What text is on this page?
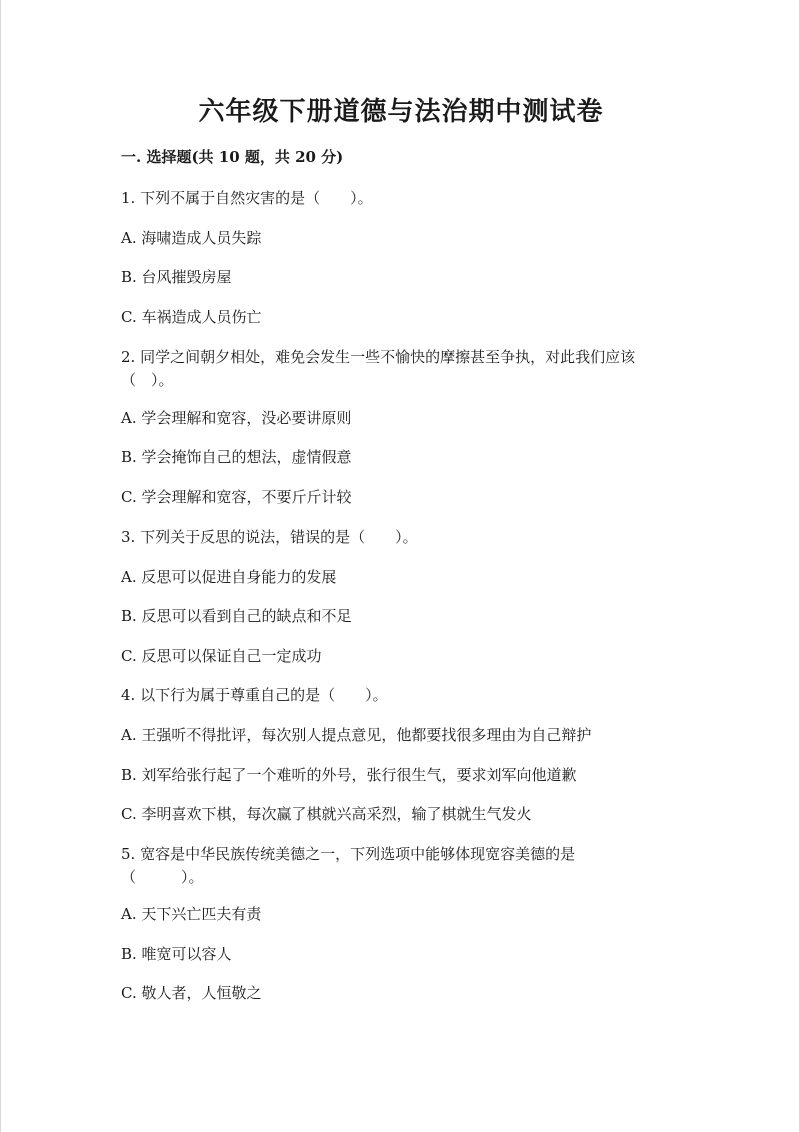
六年级下册道德与法治期中测试卷
一. 选择题(共 10 题，共 20 分)

1. 下列不属于自然灾害的是（　　）。

A. 海啸造成人员失踪

B. 台风摧毁房屋

C. 车祸造成人员伤亡

2. 同学之间朝夕相处，难免会发生一些不愉快的摩擦甚至争执，对此我们应该

（　）。

A. 学会理解和宽容，没必要讲原则

B. 学会掩饰自己的想法，虚情假意

C. 学会理解和宽容，不要斤斤计较

3. 下列关于反思的说法，错误的是（　　）。

A. 反思可以促进自身能力的发展

B. 反思可以看到自己的缺点和不足

C. 反思可以保证自己一定成功

4. 以下行为属于尊重自己的是（　　）。

A. 王强听不得批评，每次别人提点意见，他都要找很多理由为自己辩护

B. 刘军给张行起了一个难听的外号，张行很生气，要求刘军向他道歉

C. 李明喜欢下棋，每次赢了棋就兴高采烈，输了棋就生气发火

5. 宽容是中华民族传统美德之一，下列选项中能够体现宽容美德的是

（　　　）。

A. 天下兴亡匹夫有责

B. 唯宽可以容人

C. 敬人者，人恒敬之
